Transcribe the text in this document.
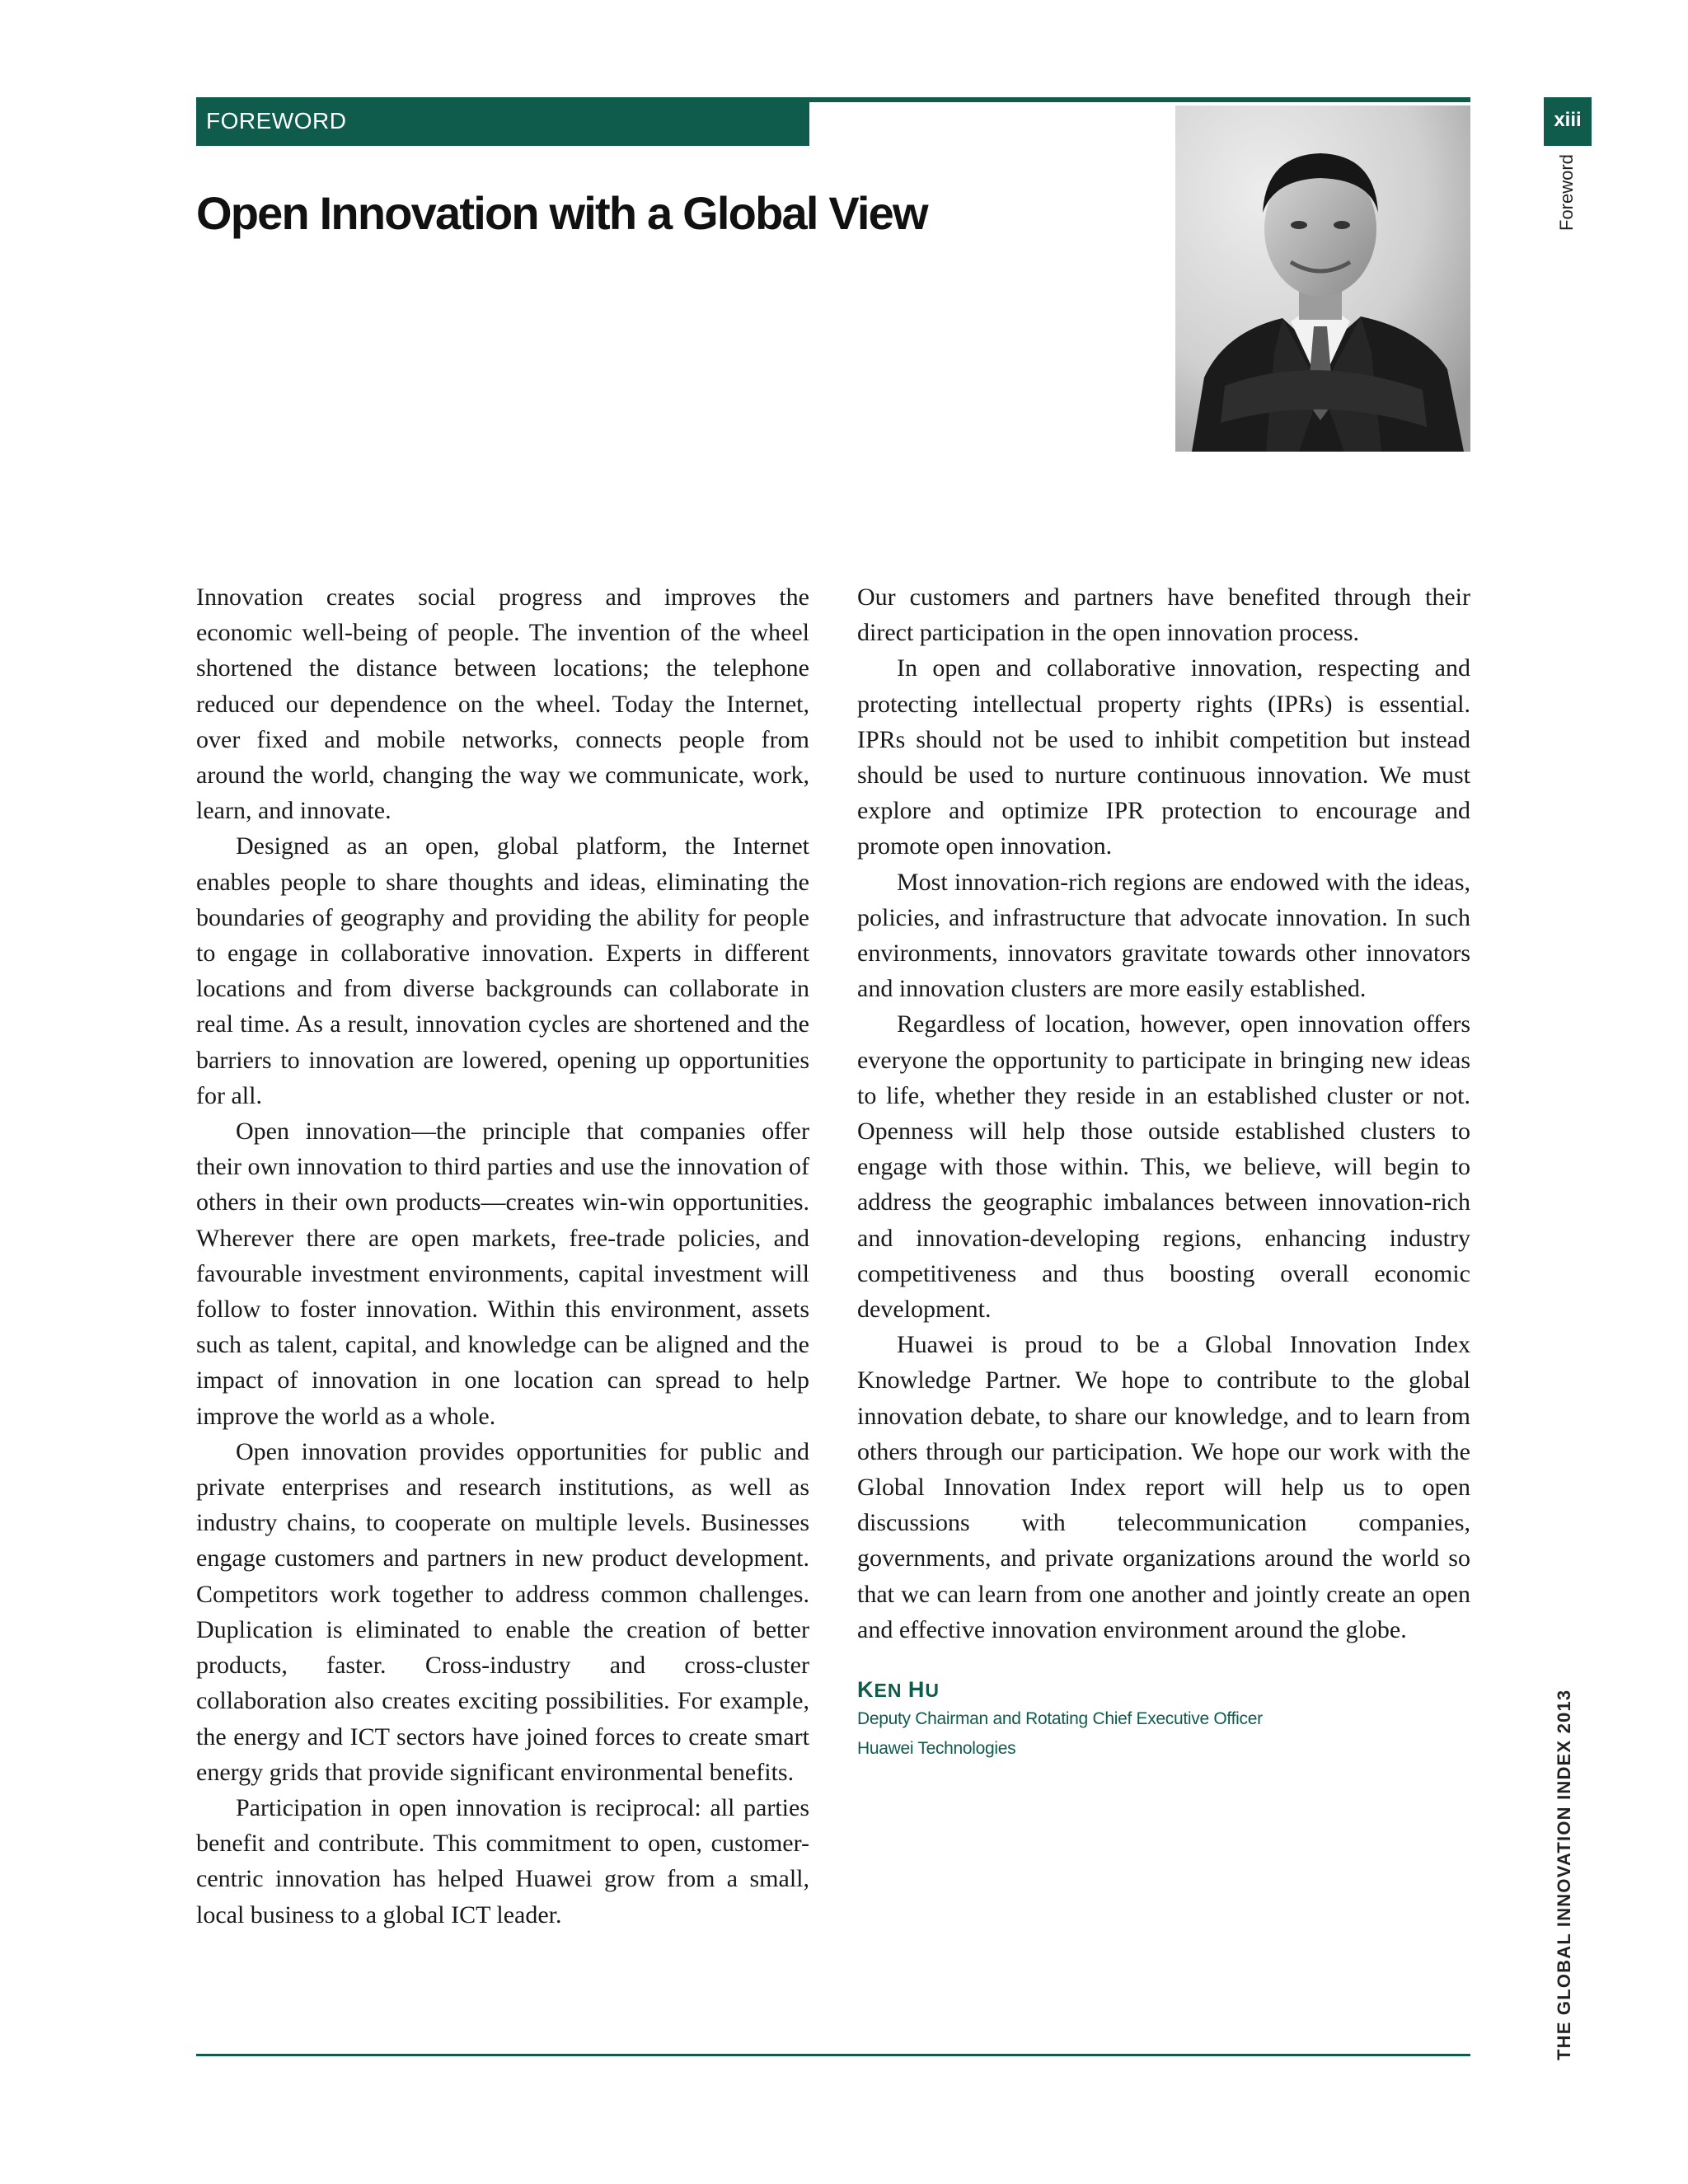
FOREWORD
Open Innovation with a Global View
xiii
Foreword
THE GLOBAL INNOVATION INDEX 2013

Innovation creates social progress and improves the economic well-being of people. The invention of the wheel shortened the distance between locations; the telephone reduced our dependence on the wheel. Today the Internet, over fixed and mobile networks, connects people from around the world, changing the way we communicate, work, learn, and innovate.

Designed as an open, global platform, the Internet enables people to share thoughts and ideas, eliminating the boundaries of geography and providing the ability for people to engage in collaborative innovation. Experts in different locations and from diverse backgrounds can collaborate in real time. As a result, innovation cycles are shortened and the barriers to innovation are lowered, opening up opportunities for all.

Open innovation—the principle that companies offer their own innovation to third parties and use the innovation of others in their own products—creates win-win opportunities. Wherever there are open markets, free-trade policies, and favourable investment environments, capital investment will follow to foster innovation. Within this environment, assets such as talent, capital, and knowledge can be aligned and the impact of innovation in one location can spread to help improve the world as a whole.

Open innovation provides opportunities for public and private enterprises and research institutions, as well as industry chains, to cooperate on multiple levels. Businesses engage customers and partners in new product development. Competitors work together to address common challenges. Duplication is eliminated to enable the creation of better products, faster. Cross-industry and cross-cluster collaboration also creates exciting possibilities. For example, the energy and ICT sectors have joined forces to create smart energy grids that provide significant environmental benefits.

Participation in open innovation is reciprocal: all parties benefit and contribute. This commitment to open, customer-centric innovation has helped Huawei grow from a small, local business to a global ICT leader.

Our customers and partners have benefited through their direct participation in the open innovation process.

In open and collaborative innovation, respecting and protecting intellectual property rights (IPRs) is essential. IPRs should not be used to inhibit competition but instead should be used to nurture continuous innovation. We must explore and optimize IPR protection to encourage and promote open innovation.

Most innovation-rich regions are endowed with the ideas, policies, and infrastructure that advocate innovation. In such environments, innovators gravitate towards other innovators and innovation clusters are more easily established.

Regardless of location, however, open innovation offers everyone the opportunity to participate in bringing new ideas to life, whether they reside in an established cluster or not. Openness will help those outside established clusters to engage with those within. This, we believe, will begin to address the geographic imbalances between innovation-rich and innovation-developing regions, enhancing industry competitiveness and thus boosting overall economic development.

Huawei is proud to be a Global Innovation Index Knowledge Partner. We hope to contribute to the global innovation debate, to share our knowledge, and to learn from others through our participation. We hope our work with the Global Innovation Index report will help us to open discussions with telecommunication companies, governments, and private organizations around the world so that we can learn from one another and jointly create an open and effective innovation environment around the globe.

KEN HU
Deputy Chairman and Rotating Chief Executive Officer
Huawei Technologies
